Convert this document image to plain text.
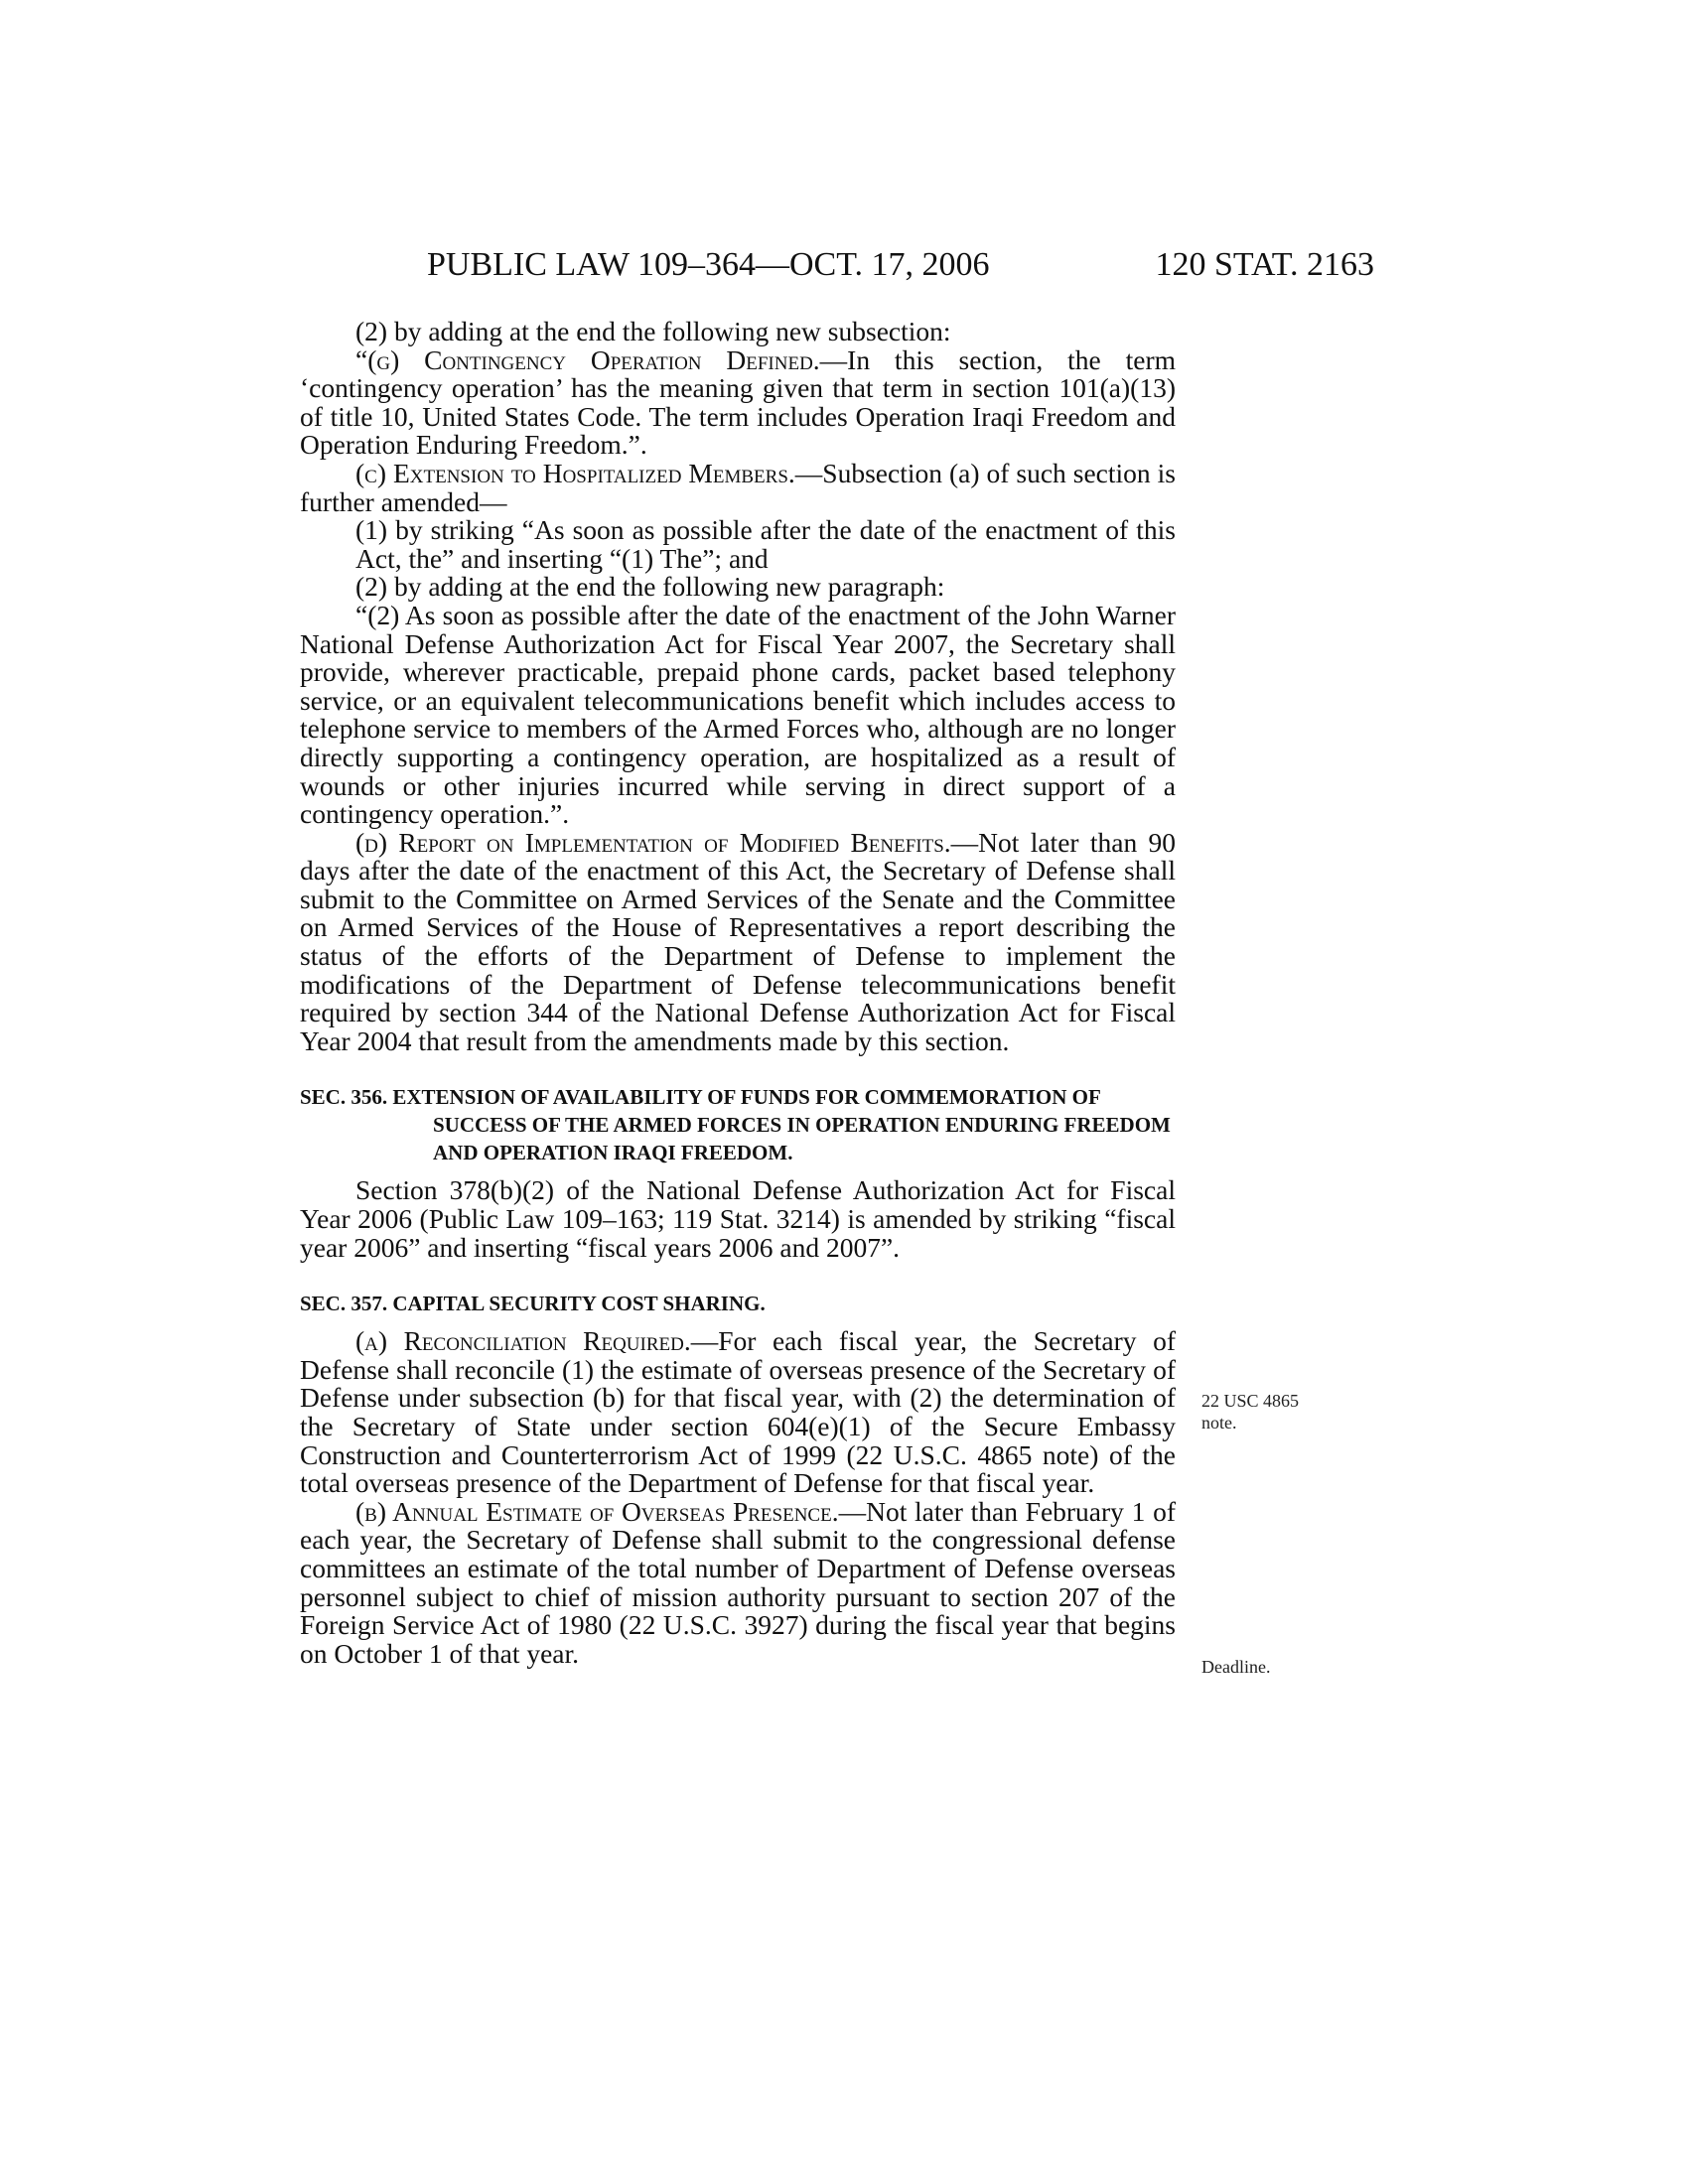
PUBLIC LAW 109–364—OCT. 17, 2006	120 STAT. 2163

(2) by adding at the end the following new subsection:

“(g) Contingency Operation Defined.—In this section, the term ‘contingency operation’ has the meaning given that term in section 101(a)(13) of title 10, United States Code. The term includes Operation Iraqi Freedom and Operation Enduring Freedom.”.

(c) Extension to Hospitalized Members.—Subsection (a) of such section is further amended—

(1) by striking “As soon as possible after the date of the enactment of this Act, the” and inserting “(1) The”; and

(2) by adding at the end the following new paragraph:

“(2) As soon as possible after the date of the enactment of the John Warner National Defense Authorization Act for Fiscal Year 2007, the Secretary shall provide, wherever practicable, prepaid phone cards, packet based telephony service, or an equivalent telecommunications benefit which includes access to telephone service to members of the Armed Forces who, although are no longer directly supporting a contingency operation, are hospitalized as a result of wounds or other injuries incurred while serving in direct support of a contingency operation.”.

(d) Report on Implementation of Modified Benefits.—Not later than 90 days after the date of the enactment of this Act, the Secretary of Defense shall submit to the Committee on Armed Services of the Senate and the Committee on Armed Services of the House of Representatives a report describing the status of the efforts of the Department of Defense to implement the modifications of the Department of Defense telecommunications benefit required by section 344 of the National Defense Authorization Act for Fiscal Year 2004 that result from the amendments made by this section.

SEC. 356. EXTENSION OF AVAILABILITY OF FUNDS FOR COMMEMORATION OF SUCCESS OF THE ARMED FORCES IN OPERATION ENDURING FREEDOM AND OPERATION IRAQI FREEDOM.

Section 378(b)(2) of the National Defense Authorization Act for Fiscal Year 2006 (Public Law 109–163; 119 Stat. 3214) is amended by striking “fiscal year 2006” and inserting “fiscal years 2006 and 2007”.

SEC. 357. CAPITAL SECURITY COST SHARING.

(a) Reconciliation Required.—For each fiscal year, the Secretary of Defense shall reconcile (1) the estimate of overseas presence of the Secretary of Defense under subsection (b) for that fiscal year, with (2) the determination of the Secretary of State under section 604(e)(1) of the Secure Embassy Construction and Counterterrorism Act of 1999 (22 U.S.C. 4865 note) of the total overseas presence of the Department of Defense for that fiscal year.

(b) Annual Estimate of Overseas Presence.—Not later than February 1 of each year, the Secretary of Defense shall submit to the congressional defense committees an estimate of the total number of Department of Defense overseas personnel subject to chief of mission authority pursuant to section 207 of the Foreign Service Act of 1980 (22 U.S.C. 3927) during the fiscal year that begins on October 1 of that year.

22 USC 4865
note.
Deadline.
